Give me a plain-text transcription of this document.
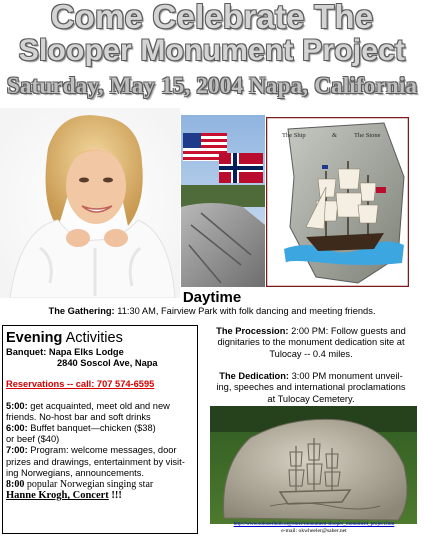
Come Celebrate The
Slooper Monument Project
Saturday, May 15, 2004 Napa, California
The Ship	&	The Stone
Daytime
The Gathering: 11:30 AM, Fairview Park with folk dancing and meeting friends.
Evening Activities
Banquet: Napa Elks Lodge
2840 Soscol Ave, Napa
Reservations -- call: 707 574-6595
5:00: get acquainted, meet old and new
friends. No-host bar and soft drinks
6:00: Buffet banquet—chicken ($38)
or beef ($40)
7:00: Program: welcome messages, door
prizes and drawings, entertainment by visit-
ing Norwegians, announcements.
8:00 popular Norwegian singing star
Hanne Krogh, Concert !!!
The Procession: 2:00 PM: Follow guests and
dignitaries to the monument dedication site at
Tulocay -- 0.4 miles.
The Dedication: 3:00 PM monument unveil-
ing, speeches and international proclamations
at Tulocay Cemetery.
http://www.solooerhuib.org/emer/monument-slooper_monument_project.htm
e-mail: okwheeler@saber.net
